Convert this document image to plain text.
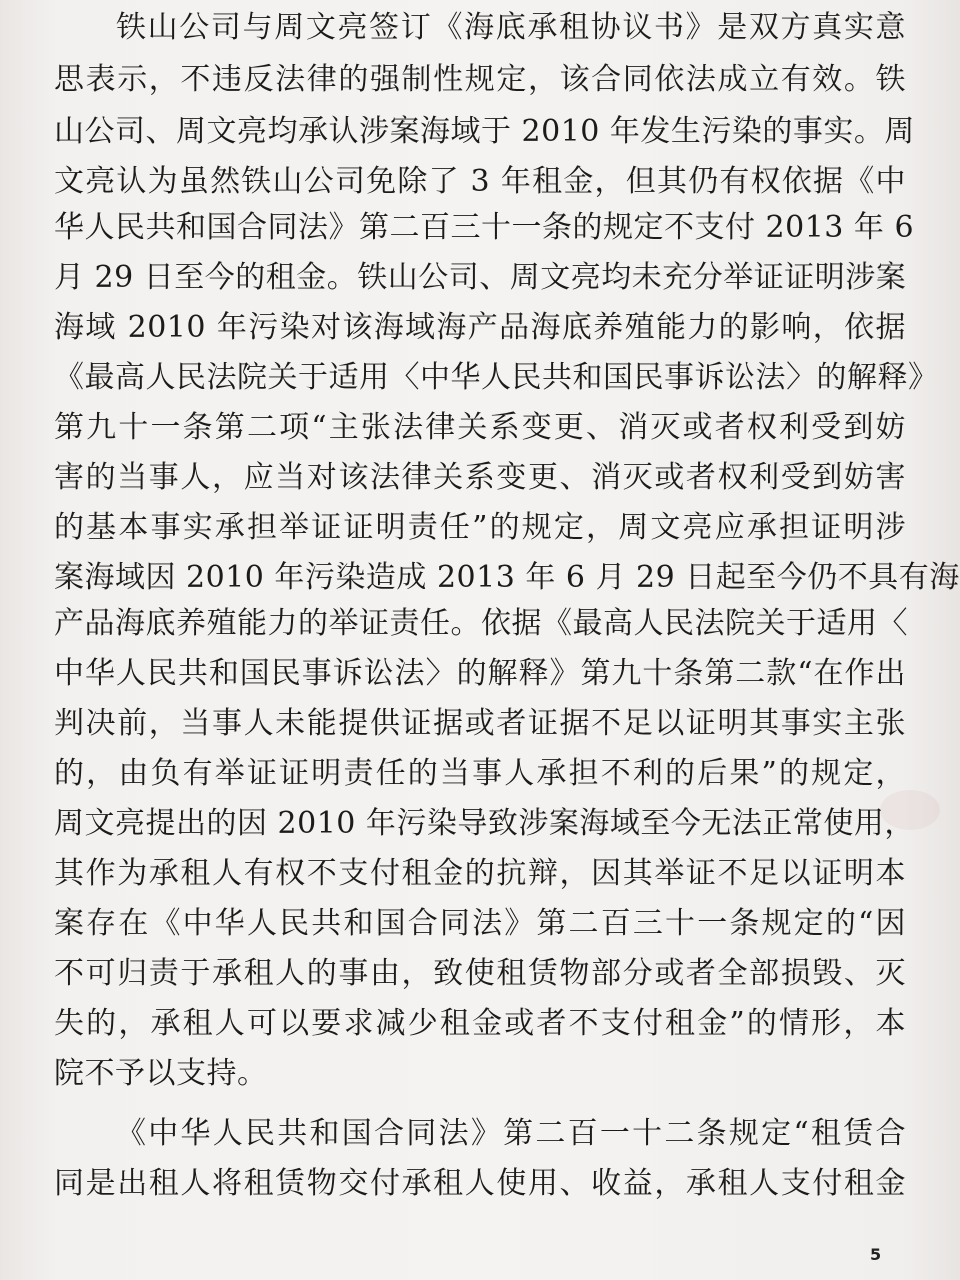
铁山公司与周文亮签订《海底承租协议书》是双方真实意
思表示，不违反法律的强制性规定，该合同依法成立有效。铁
山公司、周文亮均承认涉案海域于 2010 年发生污染的事实。周
文亮认为虽然铁山公司免除了 3 年租金，但其仍有权依据《中
华人民共和国合同法》第二百三十一条的规定不支付 2013 年 6
月 29 日至今的租金。铁山公司、周文亮均未充分举证证明涉案
海域 2010 年污染对该海域海产品海底养殖能力的影响，依据
《最高人民法院关于适用〈中华人民共和国民事诉讼法〉的解释》
第九十一条第二项“主张法律关系变更、消灭或者权利受到妨
害的当事人，应当对该法律关系变更、消灭或者权利受到妨害
的基本事实承担举证证明责任”的规定，周文亮应承担证明涉
案海域因 2010 年污染造成 2013 年 6 月 29 日起至今仍不具有海
产品海底养殖能力的举证责任。依据《最高人民法院关于适用〈
中华人民共和国民事诉讼法〉的解释》第九十条第二款“在作出
判决前，当事人未能提供证据或者证据不足以证明其事实主张
的，由负有举证证明责任的当事人承担不利的后果”的规定，
周文亮提出的因 2010 年污染导致涉案海域至今无法正常使用，
其作为承租人有权不支付租金的抗辩，因其举证不足以证明本
案存在《中华人民共和国合同法》第二百三十一条规定的“因
不可归责于承租人的事由，致使租赁物部分或者全部损毁、灭
失的，承租人可以要求减少租金或者不支付租金”的情形，本
院不予以支持。
《中华人民共和国合同法》第二百一十二条规定“租赁合
同是出租人将租赁物交付承租人使用、收益，承租人支付租金
5
